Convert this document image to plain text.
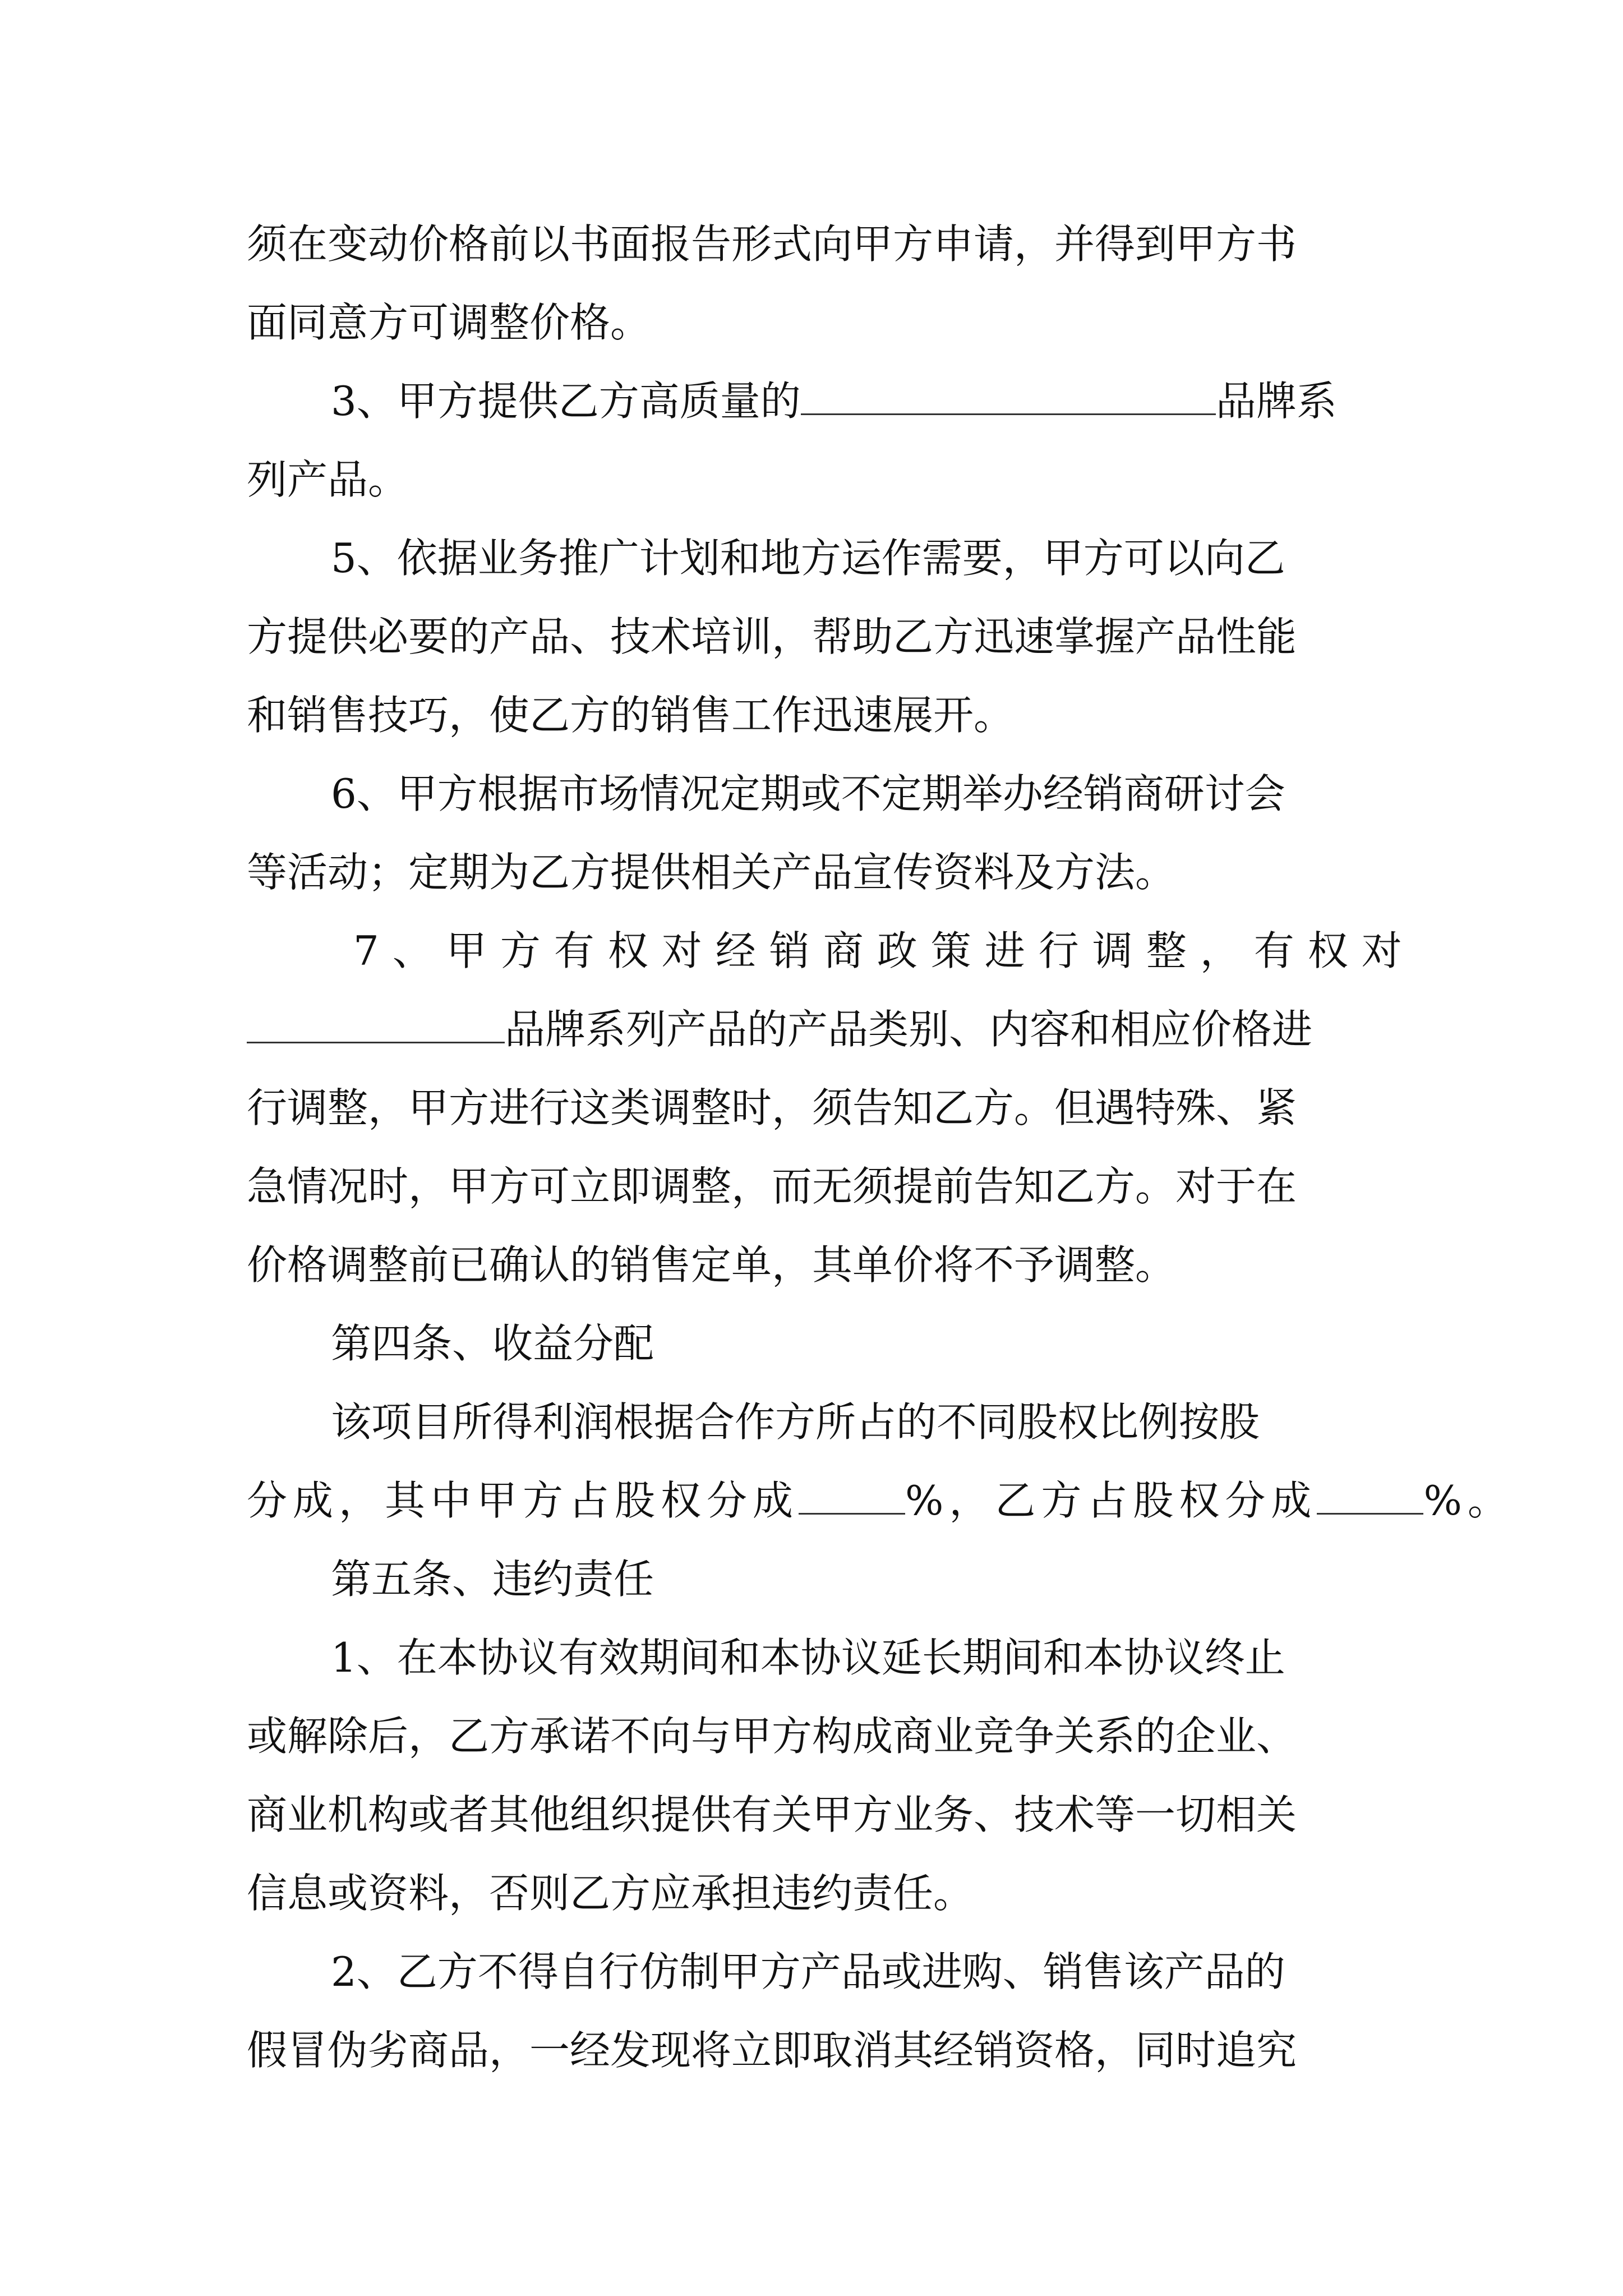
须在变动价格前以书面报告形式向甲方申请，并得到甲方书
面同意方可调整价格。
3、甲方提供乙方高质量的	品牌系
列产品。
5、依据业务推广计划和地方运作需要，甲方可以向乙
方提供必要的产品、技术培训，帮助乙方迅速掌握产品性能
和销售技巧，使乙方的销售工作迅速展开。
6、甲方根据市场情况定期或不定期举办经销商研讨会
等活动；定期为乙方提供相关产品宣传资料及方法。
7、甲方有权对经销商政策进行调整，有权对
品牌系列产品的产品类别、内容和相应价格进
行调整，甲方进行这类调整时，须告知乙方。但遇特殊、紧
急情况时，甲方可立即调整，而无须提前告知乙方。对于在
价格调整前已确认的销售定单，其单价将不予调整。
第四条、收益分配
该项目所得利润根据合作方所占的不同股权比例按股
分成，其中甲方占股权分成	%，乙方占股权分成	%。
第五条、违约责任
1、在本协议有效期间和本协议延长期间和本协议终止
或解除后，乙方承诺不向与甲方构成商业竞争关系的企业、
商业机构或者其他组织提供有关甲方业务、技术等一切相关
信息或资料，否则乙方应承担违约责任。
2、乙方不得自行仿制甲方产品或进购、销售该产品的
假冒伪劣商品，一经发现将立即取消其经销资格，同时追究
